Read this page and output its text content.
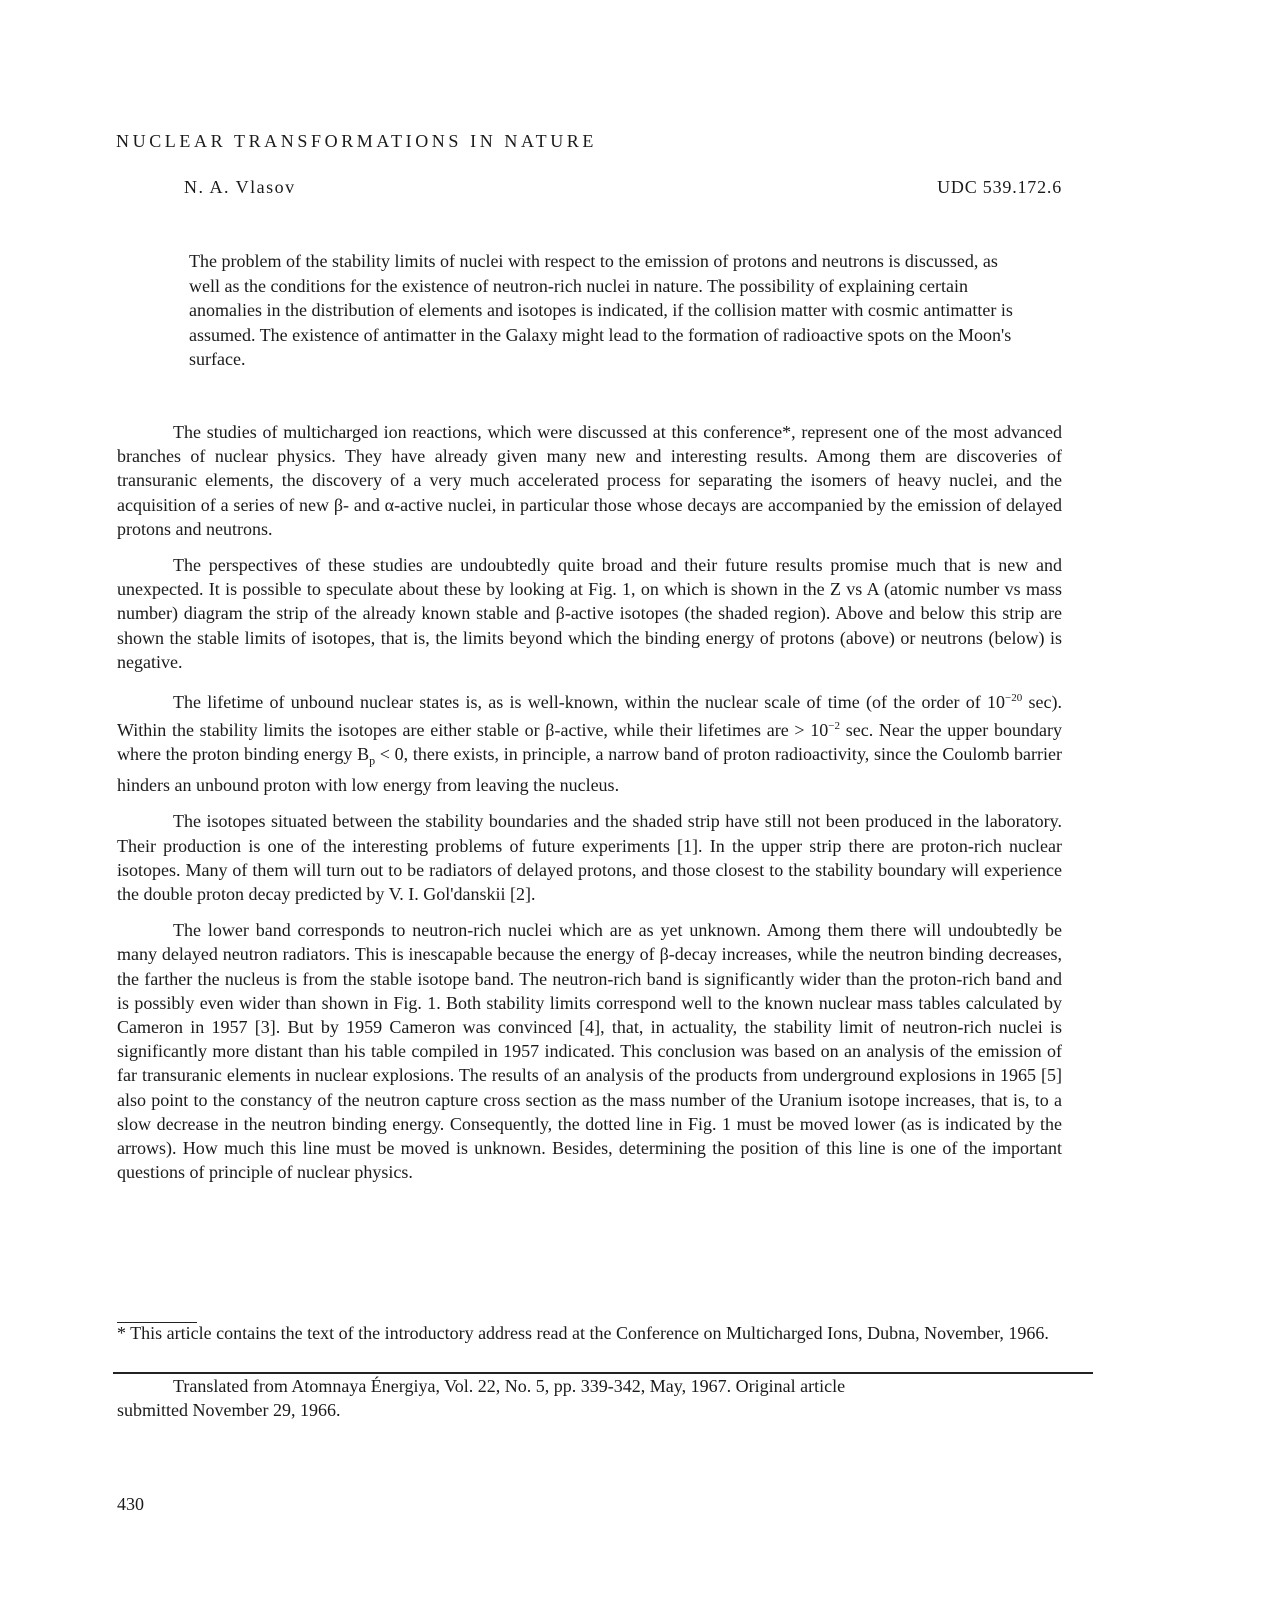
NUCLEAR TRANSFORMATIONS IN NATURE
N. A. Vlasov	UDC 539.172.6
The problem of the stability limits of nuclei with respect to the emission of protons and neutrons is discussed, as well as the conditions for the existence of neutron-rich nuclei in nature. The possibility of explaining certain anomalies in the distribution of elements and isotopes is indicated, if the collision matter with cosmic antimatter is assumed. The existence of antimatter in the Galaxy might lead to the formation of radioactive spots on the Moon's surface.

The studies of multicharged ion reactions, which were discussed at this conference*, represent one of the most advanced branches of nuclear physics. They have already given many new and interesting results. Among them are discoveries of transuranic elements, the discovery of a very much accelerated process for separating the isomers of heavy nuclei, and the acquisition of a series of new β- and α-active nuclei, in particular those whose decays are accompanied by the emission of delayed protons and neutrons.

The perspectives of these studies are undoubtedly quite broad and their future results promise much that is new and unexpected. It is possible to speculate about these by looking at Fig. 1, on which is shown in the Z vs A (atomic number vs mass number) diagram the strip of the already known stable and β-active isotopes (the shaded region). Above and below this strip are shown the stable limits of isotopes, that is, the limits beyond which the binding energy of protons (above) or neutrons (below) is negative.

The lifetime of unbound nuclear states is, as is well-known, within the nuclear scale of time (of the order of $10^{-20}$ sec). Within the stability limits the isotopes are either stable or β-active, while their lifetimes are > $10^{-2}$ sec. Near the upper boundary where the proton binding energy $B_p < 0$, there exists, in principle, a narrow band of proton radioactivity, since the Coulomb barrier hinders an unbound proton with low energy from leaving the nucleus.

The isotopes situated between the stability boundaries and the shaded strip have still not been produced in the laboratory. Their production is one of the interesting problems of future experiments [1]. In the upper strip there are proton-rich nuclear isotopes. Many of them will turn out to be radiators of delayed protons, and those closest to the stability boundary will experience the double proton decay predicted by V. I. Gol'danskii [2].

The lower band corresponds to neutron-rich nuclei which are as yet unknown. Among them there will undoubtedly be many delayed neutron radiators. This is inescapable because the energy of β-decay increases, while the neutron binding decreases, the farther the nucleus is from the stable isotope band. The neutron-rich band is significantly wider than the proton-rich band and is possibly even wider than shown in Fig. 1. Both stability limits correspond well to the known nuclear mass tables calculated by Cameron in 1957 [3]. But by 1959 Cameron was convinced [4], that, in actuality, the stability limit of neutron-rich nuclei is significantly more distant than his table compiled in 1957 indicated. This conclusion was based on an analysis of the emission of far transuranic elements in nuclear explosions. The results of an analysis of the products from underground explosions in 1965 [5] also point to the constancy of the neutron capture cross section as the mass number of the Uranium isotope increases, that is, to a slow decrease in the neutron binding energy. Consequently, the dotted line in Fig. 1 must be moved lower (as is indicated by the arrows). How much this line must be moved is unknown. Besides, determining the position of this line is one of the important questions of principle of nuclear physics.

* This article contains the text of the introductory address read at the Conference on Multicharged Ions, Dubna, November, 1966.
Translated from Atomnaya Énergiya, Vol. 22, No. 5, pp. 339-342, May, 1967. Original article
submitted November 29, 1966.
430
